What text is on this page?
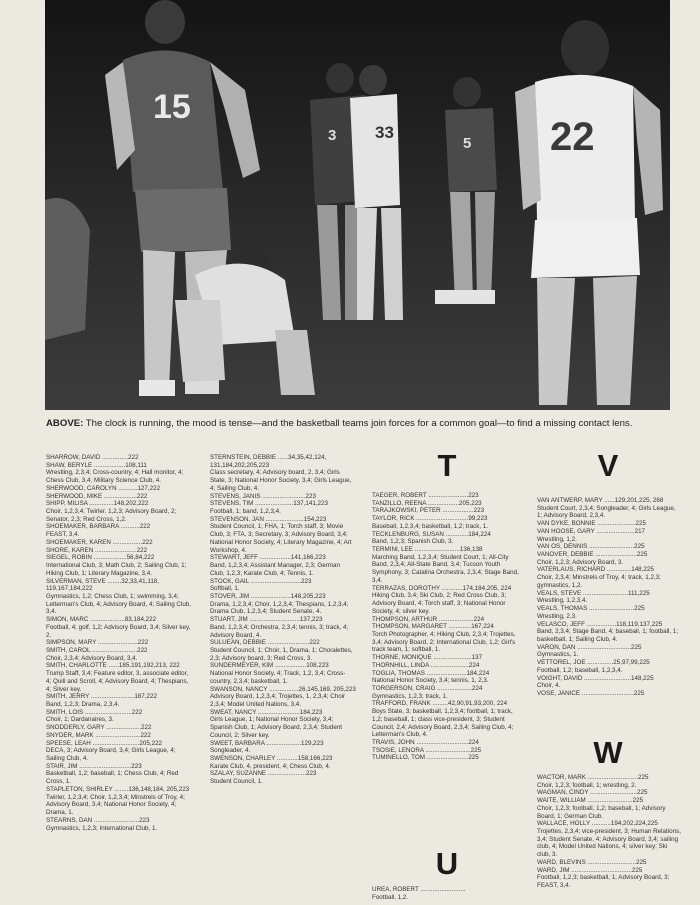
15
3 33
5 22
ABOVE: The clock is running, the mood is tense—and the basketball teams join forces for a common goal—to find a missing contact lens.
T
U
V
W
SHARROW, DAVID ...............222
SHAW, BERYLE ..................108,111
Wrestling, 2,3,4; Cross-country, 4; Hall monitor, 4; Chess Club, 3,4; Military Science Club, 4.
SHERWOOD, CAROLYN ...........127,222
SHERWOOD, MIKE ...................222
SHIPP, MILISA ..............148,202,222
Choir, 1,2,3,4; Twirler, 1,2,3; Advisory Board, 2; Senator, 2,3; Red Cross, 1,2.
SHOEMAKER, BARBARA ...........222
FEAST, 3,4.
SHOEMAKER, KAREN .................222
SHORE, KAREN ........................222
SIEGEL, ROBIN ...................56,84,222
International Club, 3; Math Club, 2; Sailing Club, 1; Hiking Club, 1; Literary Magazine, 3,4.
SILVERMAN, STEVE ........32,33,41,118, 119,167,184,222
Gymnastics, 1,2; Chess Club, 1; swimming, 3,4; Letterman's Club, 4; Advisory Board, 4; Sailing Club, 3,4.
SIMON, MARC ....................83,184,222
Football, 4; golf, 1,2; Advisory Board, 3,4; Silver key, 2.
SIMPSON, MARY .......................222
SMITH, CAROL ..........................222
Choir, 2,3,4; Advisory Board, 3,4.
SMITH, CHARLOTTE ......185,191,192,213, 222
Trump Staff, 3,4; Feature editor, 3, associate editor, 4; Quill and Scroll, 4; Advisory Board, 4; Thespians, 4; Silver key.
SMITH, JERRY .........................187,222
Band, 1,2,3; Drama, 2,3,4.
SMITH, LOIS ...........................222
Choir, 1; Dardanaires, 3.
SNODDERLY, GARY ....................222
SNYDER, MARK ..........................222
SPEESE, LEAH ...........................205,222
DECA, 3; Advisory Board, 3,4; Girls League, 4; Sailing Club, 4.
STAIR, JIM ..............................223
Basketball, 1,2; baseball, 1; Chess Club, 4; Red Cross, 1.
STAPLETON, SHIRLEY ........136,148,184, 205,223
Twirler, 1,2,3,4; Choir, 1,2,3,4; Minstrels of Troy, 4; Advisory Board, 3,4; National Honor Society, 4; Drama, 1.
STEARNS, DAN ..........................223
Gymnastics, 1,2,3; International Club, 1.
STERNSTEIN, DEBBIE ......34,35,42,124, 131,184,202,205,223
Class secretary, 4; Advisory board, 2, 3,4; Girls State, 3; National Honor Society, 3,4; Girls League, 4; Sailing Club, 4.
STEVENS, JANIS .........................223
STEVENS, TIM ......................137,141,223
Football, 1; band, 1,2,3,4.
STEVENSON, JAN ......................154,223
Student Council, 1; FHA, 1; Torch staff, 3; Movie Club, 3; FTA, 3; Secretary, 3; Advisory Board, 3,4; National Honor Society, 4; Literary Magazine, 4; Art Workshop, 4.
STEWART, JEFF ..................141,166,223
Band, 1,2,3,4; Assistant Manager, 2,3; German Club, 1,2,3; Karate Club, 4; Tennis, 1.
STOCK, GAIL .............................223
Softball, 1.
STOVER, JIM .......................148,205,223
Drama, 1,2,3,4; Choir, 1,2,3,4; Thespians, 1,2,3,4; Drama Club, 1,2,3,4; Student Senate, 4.
STUART, JIM .............................137,223
Band, 1,2,3,4; Orchestra, 2,3,4; tennis, 3; track, 4; Advisory Board, 4.
SULUEAN, DEBBIE ........................222
Student Council, 1; Choir, 1, Drama, 1; Choralettes, 2,3; Advisory board, 3; Red Cross, 3.
SUNDERMEYER, KIM ..................108,223
National Honor Society, 4; Track, 1,2, 3,4; Cross-country, 2,3,4; basketball, 1.
SWANSON, NANCY .................26,145,169, 205,223
Advisory Board, 1,2,3,4; Trojettes, 1, 2,3,4; Choir 2,3,4; Model United Nations, 3,4.
SWEAT, NANCY ........................184,223
Girls League, 1; National Honor Society, 3,4; Spanish Club, 1; Advisory Board, 2,3,4; Student Council, 2; Silver key.
SWEET, BARBARA ....................129,223
Songleader, 4.
SWENSON, CHARLEY ............158,166,223
Karate Club, 4, president, 4; Chess Club, 4.
SZALAY, SUZANNE ......................223
Student Council, 1.
TAEGER, ROBERT .......................223
TANZILLO, REENA ..................205,223
TARAJKOWSKI, PETER ..................223
TAYLOR, RICK ..............................99,223
Baseball, 1,2,3,4; basketball, 1,2; track, 1.
TECKLENBURG, SUSAN .............184,224
Band, 1,2,3; Spanish Club, 3.
TERMINI, LEE ..........................136,138
Marching Band, 1,2,3,4; Student Court, 1; All-City Band, 2,3,4; All-State Band, 3,4; Tucson Youth Symphony, 3; Catalina Orchestra, 2,3,4; Stage Band, 3,4.
TERRAZAS, DOROTHY ............174,184,205, 224
Hiking Club, 3,4; Ski Club, 2; Red Cross Club, 3; Advisory Board, 4; Torch staff, 3; National Honor Society, 4; silver key.
THOMPSON, ARTHUR ....................224
THOMPSON, MARGARET .............167,224
Torch Photographer, 4; Hiking Club, 2,3,4; Trojettes, 3,4; Advisory Board, 2; International Club, 1,2; Girl's track team, 1; softball, 1.
THORNE, MONIQUE ......................137
THORNHILL, LINDA ......................224
TOGLIA, THOMAS .......................184,224
National Honor Society, 3,4; tennis, 1, 2,3.
TORGERSON, CRAIG ....................224
Gymnastics, 1,2,3; track, 1.
TRAFFORD, FRANK .........42,90,91,93,200, 224
Boys State, 3; basketball, 1,2,3,4; football, 1; track, 1,2; baseball, 1; class vice-president, 3; Student Council, 2,4; Advisory Board, 2,3,4; Sailing Club, 4; Letterman's Club, 4.
TRAVIS, JOHN ..............................224
TSOSIE, LENORA ..........................225
TUMINELLO, TOM ........................225
UREA, ROBERT ..........................
Football, 1,2.
VAN ANTWERP, MARY ......129,201,225, 268
Student Court, 2,3,4; Songleader, 4; Girls League, 1; Advisory Board, 2,3,4.
VAN DYKE, BONNIE ......................225
VAN HOOSE, GARY ......................217
Wrestling, 1,2.
VAN OS, DENNIS ..........................225
VANOVER, DEBBIE ........................225
Choir, 1,2,3; Advisory Board, 3.
VATERLAUS, RICHARD ..............148,225
Choir, 2,3,4; Minstrels of Troy, 4; track, 1,2,3; gymnastics, 1,2.
VEALS, STEVE ..........................111,225
Wrestling, 1,2,3,4.
VEALS, THOMAS ..........................225
Wrestling, 2,3.
VELASCO, JEFF .................118,119,137,225
Band, 2,3,4; Stage Band, 4; baseball, 1; football, 1; basketball, 1; Sailing Club, 4.
VARON, DAN ...............................225
Gymnastics, 1.
VETTOREL, JOE ...............25,97,99,225
Football, 1,2; baseball, 1,2,3,4.
VOIGHT, DAVID ...........................148,225
Choir, 4.
VOSE, JANICE ..............................225
WACTOR, MARK .............................225
Choir, 1,2,3; football, 1; wrestling, 2.
WAGMAN, CINDY ...........................225
WAITE, WILLIAM ..........................225
Choir, 1,2,3; football, 1,2; baseball, 1; Advisory Board, 1; German Club.
WALLACE, HOLLY ...........194,202,224,225
Trojettes, 2,3,4; vice-president, 3; Human Relations, 3,4; Student Senate, 4; Advisory Board, 3,4; sailing club, 4; Model United Nations, 4; silver key; Ski club, 3.
WARD, BLEVINS ............................225
WARD, JIM ...................................225
Football, 1,2,3; basketball, 1; Advisory Board, 3; FEAST, 3,4.
